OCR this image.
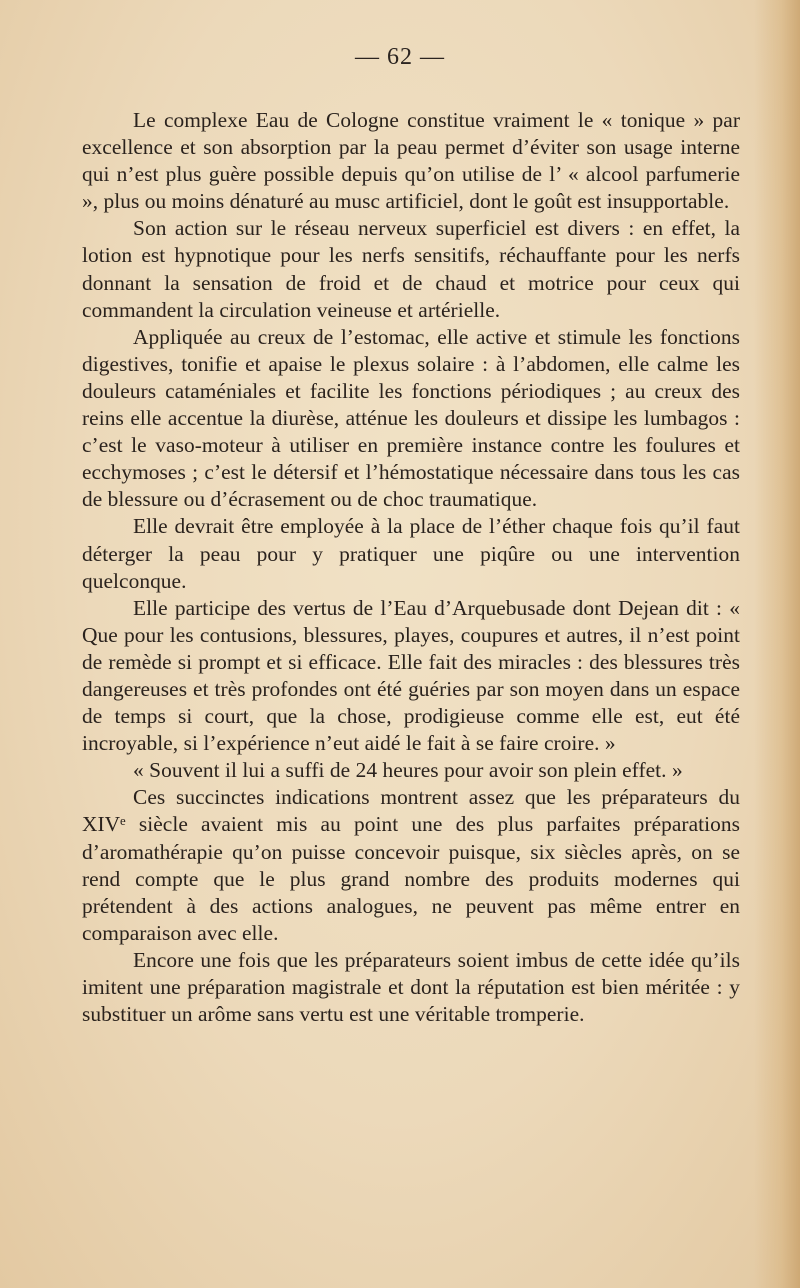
— 62 —

Le complexe Eau de Cologne constitue vraiment le « tonique » par excellence et son absorption par la peau permet d’éviter son usage interne qui n’est plus guère possible depuis qu’on utilise de l’ « alcool parfumerie », plus ou moins dénaturé au musc artificiel, dont le goût est insupportable.

Son action sur le réseau nerveux superficiel est divers : en effet, la lotion est hypnotique pour les nerfs sensitifs, réchauffante pour les nerfs donnant la sensation de froid et de chaud et motrice pour ceux qui commandent la circulation veineuse et artérielle.

Appliquée au creux de l’estomac, elle active et stimule les fonctions digestives, tonifie et apaise le plexus solaire : à l’abdomen, elle calme les douleurs cataméniales et facilite les fonctions périodiques ; au creux des reins elle accentue la diurèse, atténue les douleurs et dissipe les lumbagos : c’est le vaso-moteur à utiliser en première instance contre les foulures et ecchymoses ; c’est le détersif et l’hémostatique nécessaire dans tous les cas de blessure ou d’écrasement ou de choc traumatique.

Elle devrait être employée à la place de l’éther chaque fois qu’il faut déterger la peau pour y pratiquer une piqûre ou une intervention quelconque.

Elle participe des vertus de l’Eau d’Arquebusade dont Dejean dit : « Que pour les contusions, blessures, playes, coupures et autres, il n’est point de remède si prompt et si efficace. Elle fait des miracles : des blessures très dangereuses et très profondes ont été guéries par son moyen dans un espace de temps si court, que la chose, prodigieuse comme elle est, eut été incroyable, si l’expérience n’eut aidé le fait à se faire croire. »

« Souvent il lui a suffi de 24 heures pour avoir son plein effet. »

Ces succinctes indications montrent assez que les préparateurs du XIVᵉ siècle avaient mis au point une des plus parfaites préparations d’aromathérapie qu’on puisse concevoir puisque, six siècles après, on se rend compte que le plus grand nombre des produits modernes qui prétendent à des actions analogues, ne peuvent pas même entrer en comparaison avec elle.

Encore une fois que les préparateurs soient imbus de cette idée qu’ils imitent une préparation magistrale et dont la réputation est bien méritée : y substituer un arôme sans vertu est une véritable tromperie.
